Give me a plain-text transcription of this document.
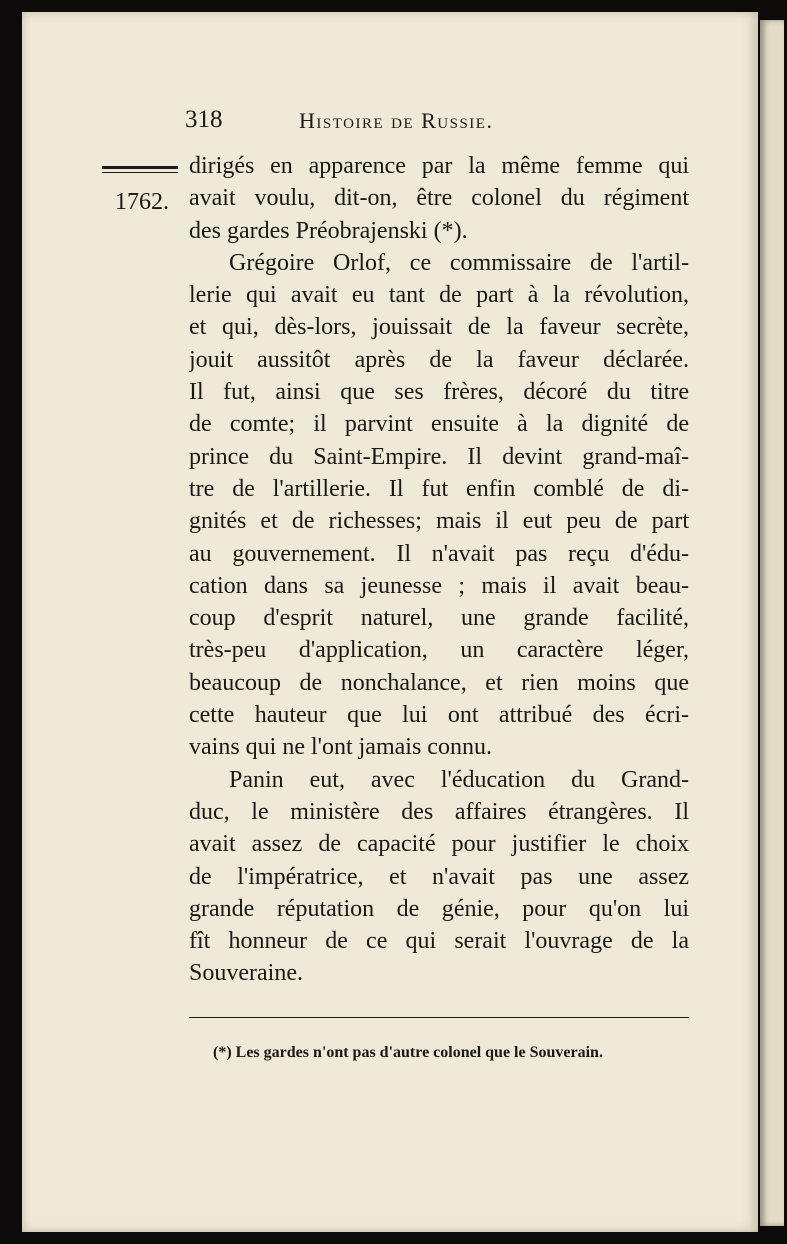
318	Histoire de Russie.
1762.
dirigés en apparence par la même femme qui
avait voulu, dit-on, être colonel du régiment
des gardes Préobrajenski (*).
Grégoire Orlof, ce commissaire de l'artil-
lerie qui avait eu tant de part à la révolution,
et qui, dès-lors, jouissait de la faveur secrète,
jouit aussitôt après de la faveur déclarée.
Il fut, ainsi que ses frères, décoré du titre
de comte; il parvint ensuite à la dignité de
prince du Saint-Empire. Il devint grand-maî-
tre de l'artillerie. Il fut enfin comblé de di-
gnités et de richesses; mais il eut peu de part
au gouvernement. Il n'avait pas reçu d'édu-
cation dans sa jeunesse ; mais il avait beau-
coup d'esprit naturel, une grande facilité,
très-peu d'application, un caractère léger,
beaucoup de nonchalance, et rien moins que
cette hauteur que lui ont attribué des écri-
vains qui ne l'ont jamais connu.
Panin eut, avec l'éducation du Grand-
duc, le ministère des affaires étrangères. Il
avait assez de capacité pour justifier le choix
de l'impératrice, et n'avait pas une assez
grande réputation de génie, pour qu'on lui
fît honneur de ce qui serait l'ouvrage de la
Souveraine.
(*) Les gardes n'ont pas d'autre colonel que le Souverain.
